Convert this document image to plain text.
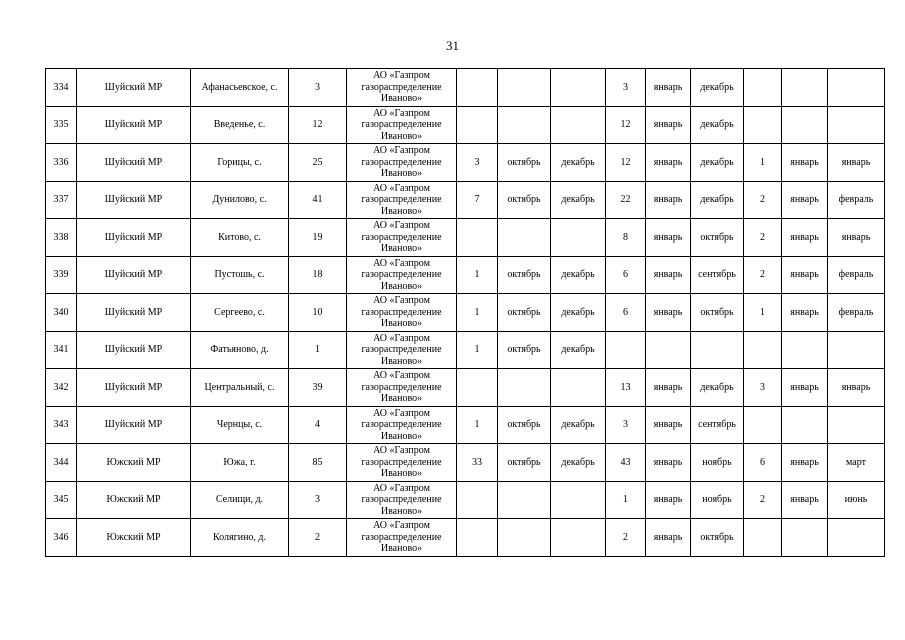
31
334	Шуйский МР	Афанасьевское, с.	3	АО «Газпром
газораспределение
Иваново»				3	январь	декабрь			
335	Шуйский МР	Введенье, с.	12	АО «Газпром
газораспределение
Иваново»				12	январь	декабрь			
336	Шуйский МР	Горицы, с.	25	АО «Газпром
газораспределение
Иваново»	3	октябрь	декабрь	12	январь	декабрь	1	январь	январь
337	Шуйский МР	Дунилово, с.	41	АО «Газпром
газораспределение
Иваново»	7	октябрь	декабрь	22	январь	декабрь	2	январь	февраль
338	Шуйский МР	Китово, с.	19	АО «Газпром
газораспределение
Иваново»				8	январь	октябрь	2	январь	январь
339	Шуйский МР	Пустошь, с.	18	АО «Газпром
газораспределение
Иваново»	1	октябрь	декабрь	6	январь	сентябрь	2	январь	февраль
340	Шуйский МР	Сергеево, с.	10	АО «Газпром
газораспределение
Иваново»	1	октябрь	декабрь	6	январь	октябрь	1	январь	февраль
341	Шуйский МР	Фатьяново, д.	1	АО «Газпром
газораспределение
Иваново»	1	октябрь	декабрь						
342	Шуйский МР	Центральный, с.	39	АО «Газпром
газораспределение
Иваново»				13	январь	декабрь	3	январь	январь
343	Шуйский МР	Чернцы, с.	4	АО «Газпром
газораспределение
Иваново»	1	октябрь	декабрь	3	январь	сентябрь			
344	Южский МР	Южа, г.	85	АО «Газпром
газораспределение
Иваново»	33	октябрь	декабрь	43	январь	ноябрь	6	январь	март
345	Южский МР	Селищи, д.	3	АО «Газпром
газораспределение
Иваново»				1	январь	ноябрь	2	январь	июнь
346	Южский МР	Колягино, д.	2	АО «Газпром
газораспределение
Иваново»				2	январь	октябрь			
